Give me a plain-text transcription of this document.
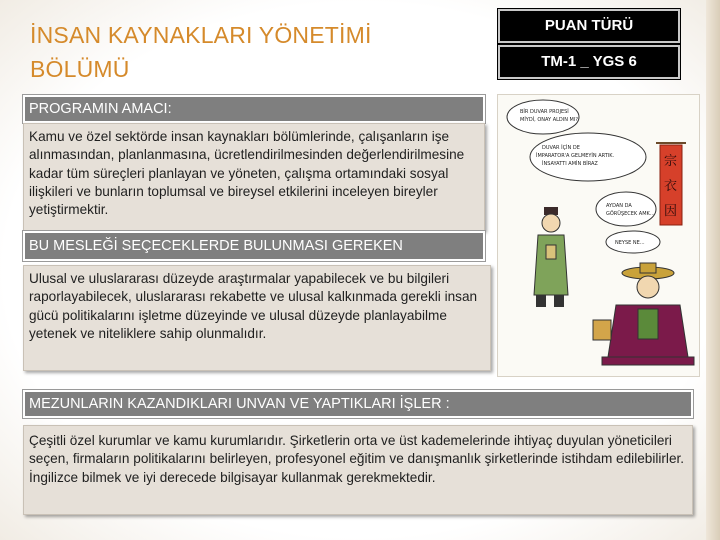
İNSAN KAYNAKLARI YÖNETİMİ
BÖLÜMÜ
PUAN TÜRÜ
TM-1 _ YGS 6
PROGRAMIN AMACI:
Kamu ve özel sektörde insan kaynakları bölümlerinde, çalışanların işe alınmasından, planlanmasına, ücretlendirilmesinden değerlendirilmesine kadar tüm süreçleri planlayan ve yöneten, çalışma ortamındaki sosyal ilişkileri ve bunların toplumsal ve bireysel etkilerini inceleyen bireyler yetiştirmektir.
BU MESLEĞİ SEÇECEKLERDE BULUNMASI GEREKEN
Ulusal ve uluslararası düzeyde araştırmalar yapabilecek ve bu bilgileri raporlayabilecek, uluslararası rekabette ve ulusal kalkınmada gerekli insan gücü politikalarını işletme düzeyinde ve ulusal düzeyde planlayabilme yetenek ve niteliklere sahip olunmalıdır.
MEZUNLARIN KAZANDIKLARI UNVAN VE YAPTIKLARI İŞLER :
Çeşitli özel kurumlar ve kamu kurumlarıdır. Şirketlerin orta ve üst kademelerinde ihtiyaç duyulan yöneticileri seçen, firmaların politikalarını belirleyen, profesyonel eğitim ve danışmanlık şirketlerinde istihdam edilebilirler. İngilizce bilmek ve iyi derecede bilgisayar kullanmak gerekmektedir.
BİR DUVAR PROJESİ
MİYDİ, ONAY ALDIN MI?
DUVAR İÇİN DE
İMPARATOR'A GELMEYİN ARTIK.
İNSAYATTI AMİN BİRAZ
AYDAN DA
GÖRÜŞECEK AMK...
NEYSE NE...
宗
衣
因
